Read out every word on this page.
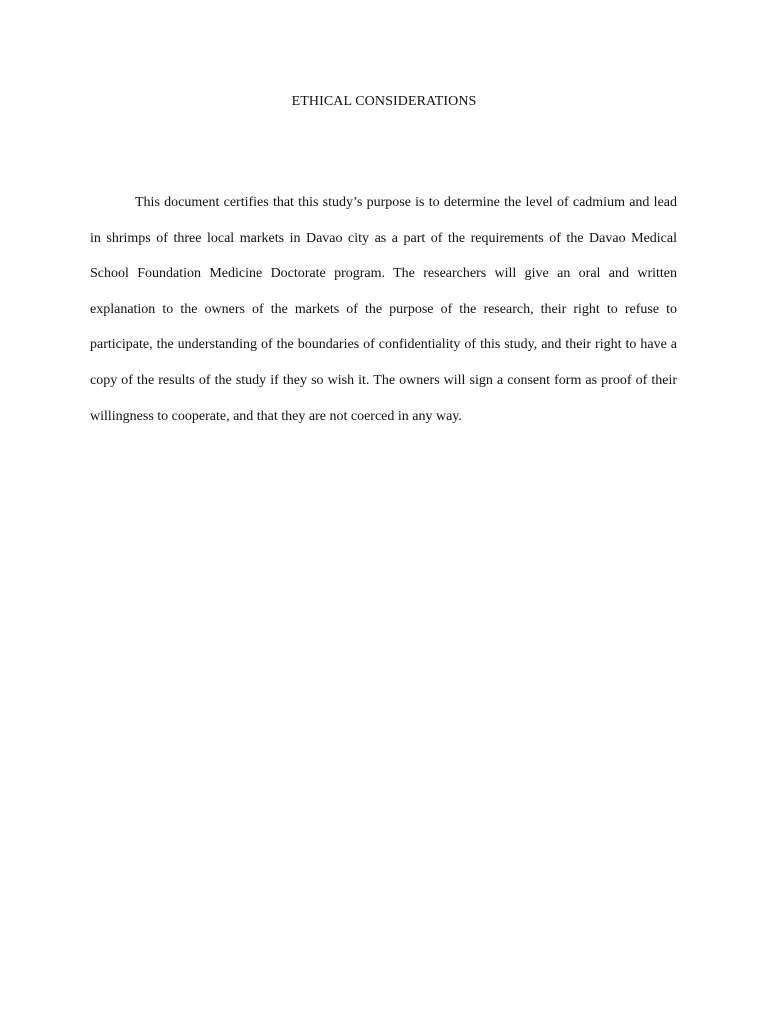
ETHICAL CONSIDERATIONS

This document certifies that this study’s purpose is to determine the level of cadmium and lead in shrimps of three local markets in Davao city as a part of the requirements of the Davao Medical School Foundation Medicine Doctorate program. The researchers will give an oral and written explanation to the owners of the markets of the purpose of the research, their right to refuse to participate, the understanding of the boundaries of confidentiality of this study, and their right to have a copy of the results of the study if they so wish it. The owners will sign a consent form as proof of their willingness to cooperate, and that they are not coerced in any way.
